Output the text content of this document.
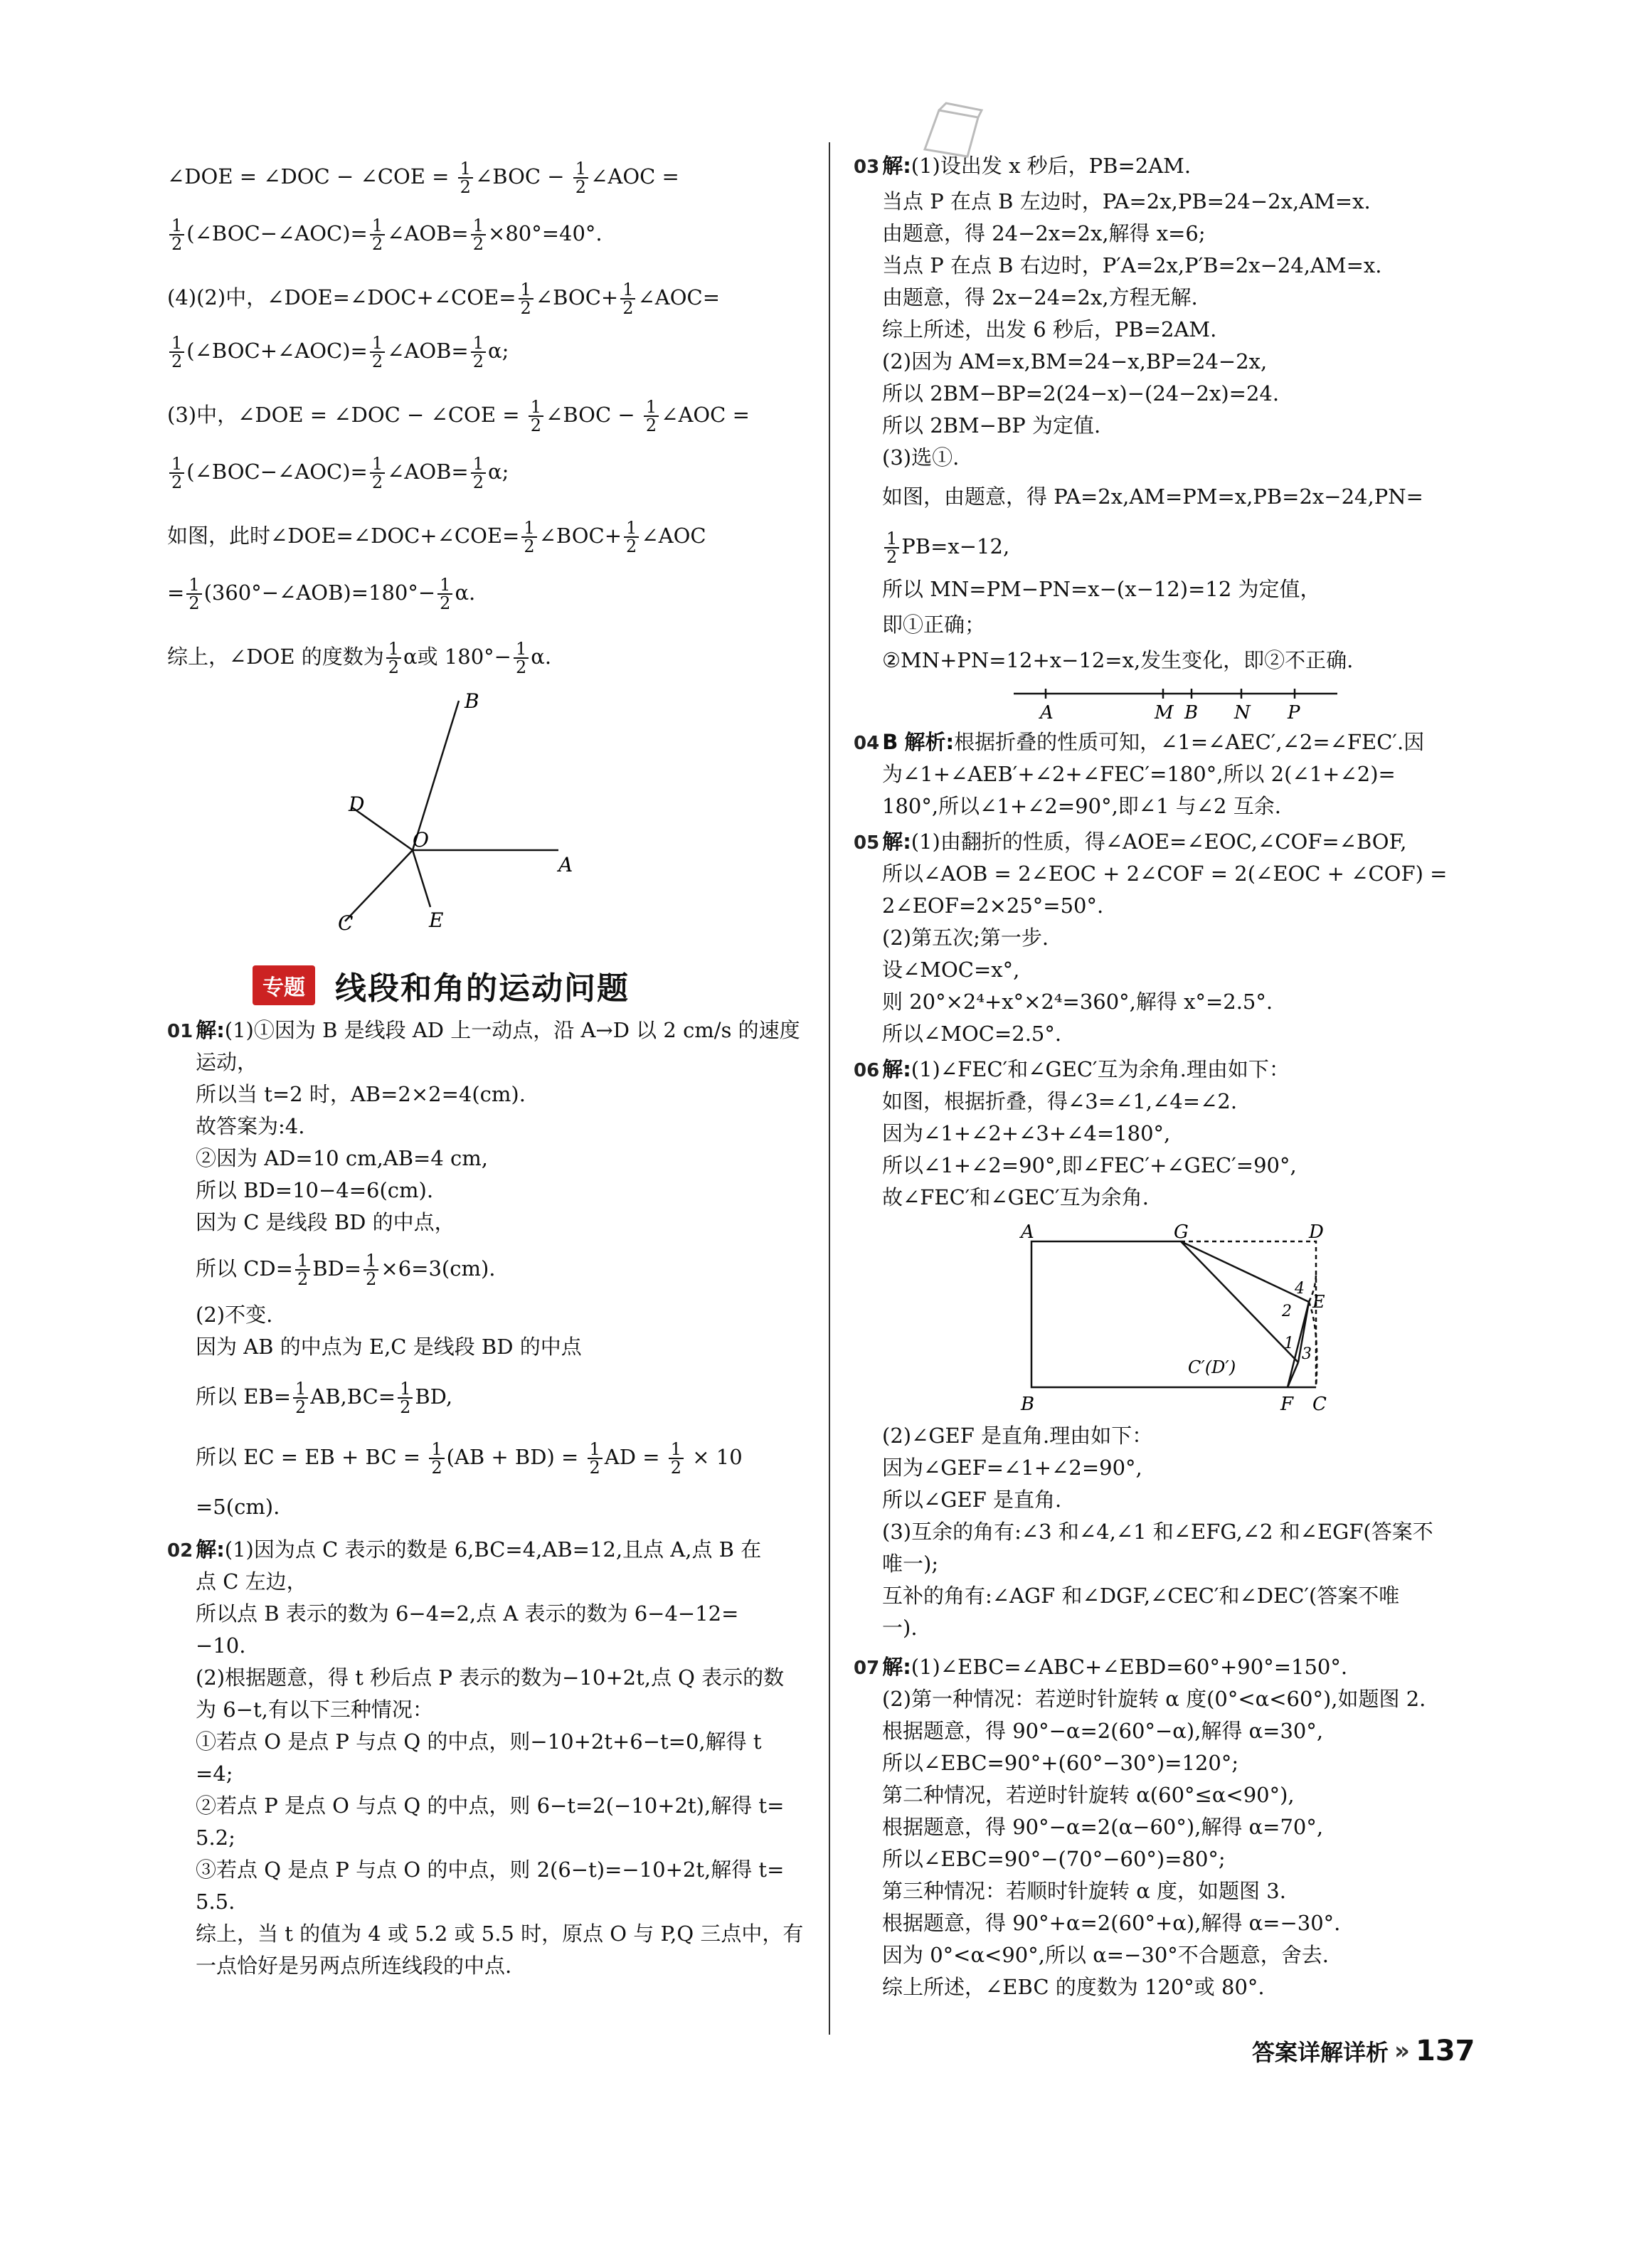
∠DOE = ∠DOC − ∠COE = $\frac{1}{2}$ ∠BOC − $\frac{1}{2}$ ∠AOC =
$\frac{1}{2}$ (∠BOC−∠AOC)= $\frac{1}{2}$ ∠AOB= $\frac{1}{2} \times 80^\circ=40^\circ$.
(4)(2)中，∠DOE=∠DOC+∠COE= $\frac{1}{2}$ ∠BOC+ $\frac{1}{2}$ ∠AOC=
$\frac{1}{2}$ (∠BOC+∠AOC)= $\frac{1}{2}$ ∠AOB= $\frac{1}{2} \alpha$;
(3)中，∠DOE = ∠DOC − ∠COE = $\frac{1}{2}$ ∠BOC − $\frac{1}{2}$ ∠AOC =
$\frac{1}{2}$ (∠BOC−∠AOC)= $\frac{1}{2}$ ∠AOB= $\frac{1}{2} \alpha$;
如图，此时∠DOE=∠DOC+∠COE= $\frac{1}{2}$ ∠BOC+ $\frac{1}{2}$ ∠AOC
= $\frac{1}{2}$ (360°−∠AOB)=180°− $\frac{1}{2} \alpha$.
综上，∠DOE 的度数为 $\frac{1}{2}$ α或 $180^\circ- \frac{1}{2} \alpha$.
B
D
O
A
C	E
专题 线段和角的运动问题
01 解:(1)①因为 B 是线段 AD 上一动点，沿 A→D 以 2 cm/s 的速度
运动，
所以当 t=2 时，AB=2×2=4(cm).
故答案为:4.
②因为 AD=10 cm,AB=4 cm,
所以 BD=10−4=6(cm).
因为 C 是线段 BD 的中点，
所以 $CD= \frac{1}{2} BD= \frac{1}{2} \times 6=3(cm)$.
(2)不变.
因为 AB 的中点为 E,C 是线段 BD 的中点
所以 $EB= \frac{1}{2} AB,BC= \frac{1}{2}$ BD,
所以 EC = EB + BC = $\frac{1}{2} (AB + BD) = \frac{1}{2}$ AD = $\frac{1}{2} \times 10$
=5(cm).
02 解:(1)因为点 C 表示的数是 6,BC=4,AB=12,且点 A,点 B 在
点 C 左边，
所以点 B 表示的数为 6−4=2,点 A 表示的数为 6−4−12=
−10.
(2)根据题意，得 t 秒后点 P 表示的数为−10+2t,点 Q 表示的数
为 6−t,有以下三种情况：
①若点 O 是点 P 与点 Q 的中点，则−10+2t+6−t=0,解得 t
=4;
②若点 P 是点 O 与点 Q 的中点，则 6−t=2(−10+2t),解得 t=
5.2;
③若点 Q 是点 P 与点 O 的中点，则 2(6−t)=−10+2t,解得 t=
5.5.
综上，当 t 的值为 4 或 5.2 或 5.5 时，原点 O 与 P,Q 三点中，有
一点恰好是另两点所连线段的中点.
03 解:(1)设出发 x 秒后，PB=2AM.
当点 P 在点 B 左边时，PA=2x,PB=24−2x,AM=x.
由题意，得 24−2x=2x,解得 x=6;
当点 P 在点 B 右边时，P′A=2x,P′B=2x−24,AM=x.
由题意，得 2x−24=2x,方程无解.
综上所述，出发 6 秒后，PB=2AM.
(2)因为 AM=x,BM=24−x,BP=24−2x,
所以 2BM−BP=2(24−x)−(24−2x)=24.
所以 2BM−BP 为定值.
(3)选①.
如图，由题意，得 PA=2x,AM=PM=x,PB=2x−24,PN=
$\frac{1}{2} PB=x-12$,
所以 MN=PM−PN=x−(x−12)=12 为定值，
即①正确；
②MN+PN=12+x−12=x,发生变化，即②不正确.
A	M B N P
04 B 解析:根据折叠的性质可知，∠1=∠AEC′,∠2=∠FEC′.因
为∠1+∠AEB′+∠2+∠FEC′=180°,所以 2(∠1+∠2)=
180°,所以∠1+∠2=90°,即∠1 与∠2 互余.
05 解:(1)由翻折的性质，得∠AOE=∠EOC,∠COF=∠BOF,
所以∠AOB = 2∠EOC + 2∠COF = 2(∠EOC + ∠COF) =
2∠EOF=2×25°=50°.
(2)第五次;第一步.
设∠MOC=x°,
则 20°×2⁴+x°×2⁴=360°,解得 x°=2.5°.
所以∠MOC=2.5°.
06 解:(1)∠FEC′和∠GEC′互为余角.理由如下：
如图，根据折叠，得∠3=∠1,∠4=∠2.
因为∠1+∠2+∠3+∠4=180°,
所以∠1+∠2=90°,即∠FEC′+∠GEC′=90°,
故∠FEC′和∠GEC′互为余角.
A	G	D
B	F C
E
C′(D′)
1
2
3
4
(2)∠GEF 是直角.理由如下：
因为∠GEF=∠1+∠2=90°,
所以∠GEF 是直角.
(3)互余的角有:∠3 和∠4,∠1 和∠EFG,∠2 和∠EGF(答案不
唯一);
互补的角有:∠AGF 和∠DGF,∠CEC′和∠DEC′(答案不唯
一).
07 解:(1)∠EBC=∠ABC+∠EBD=60°+90°=150°.
(2)第一种情况：若逆时针旋转 α 度(0°<α<60°),如题图 2.
根据题意，得 90°−α=2(60°−α),解得 α=30°,
所以∠EBC=90°+(60°−30°)=120°;
第二种情况，若逆时针旋转 α(60°≤α<90°),
根据题意，得 90°−α=2(α−60°),解得 α=70°,
所以∠EBC=90°−(70°−60°)=80°;
第三种情况：若顺时针旋转 α 度，如题图 3.
根据题意，得 90°+α=2(60°+α),解得 α=−30°.
因为 0°<α<90°,所以 α=−30°不合题意，舍去.
综上所述，∠EBC 的度数为 120°或 80°.
答案详解详析 » 137
